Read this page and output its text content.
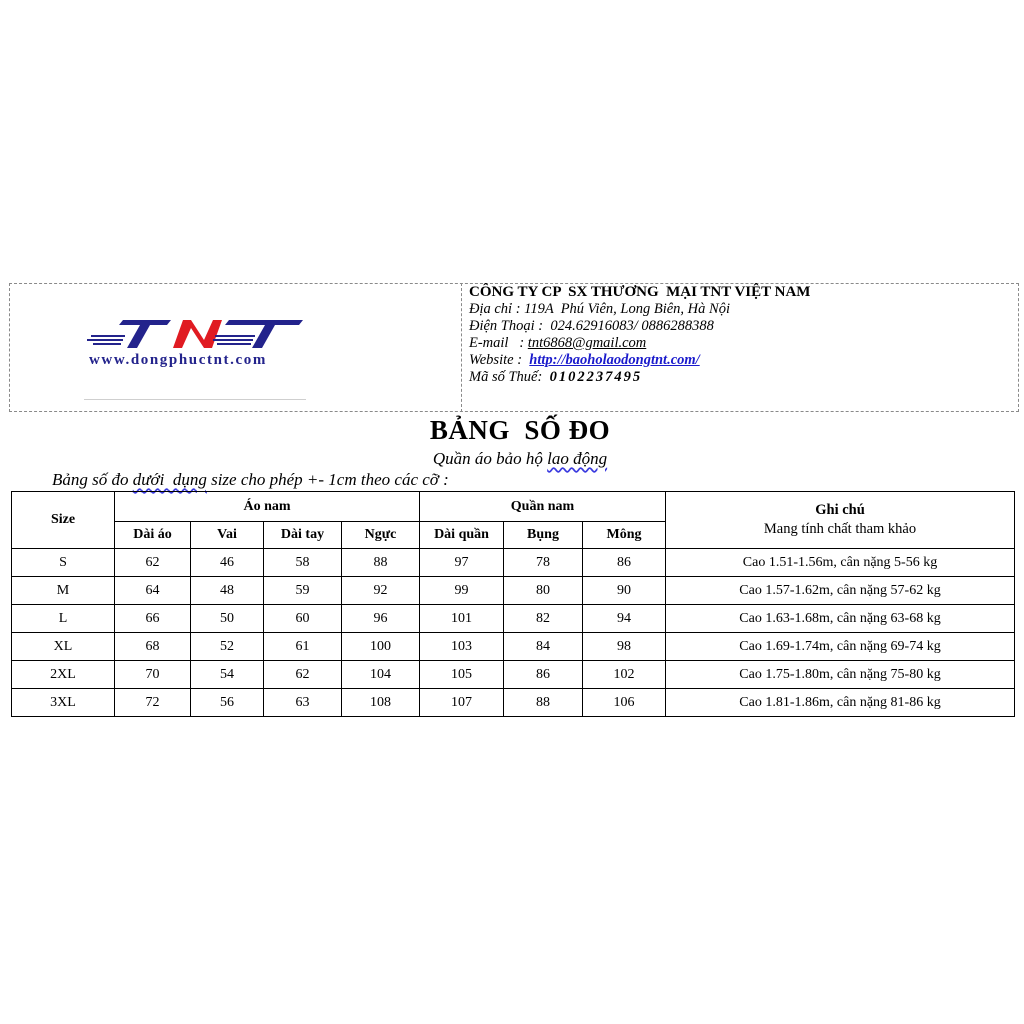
www.dongphuctnt.com
CÔNG TY CP  SX THƯƠNG  MẠI TNT VIỆT NAM
Địa chỉ : 119A  Phú Viên, Long Biên, Hà Nội
Điện Thoại :  024.62916083/ 0886288388
E-mail   : tnt6868@gmail.com
Website : http://baoholaodongtnt.com/
Mã số Thuế: 0102237495
BẢNG  SỐ ĐO
Quần áo bảo hộ lao động
Bảng số đo dưới  dụng size cho phép +- 1cm theo các cỡ :
Size	Áo nam				Quần nam			Ghi chú
Mang tính chất tham khảo

	Dài áo	Vai	Dài tay	Ngực	Dài quần	Bụng	Mông	
S	62	46	58	88	97	78	86	Cao 1.51-1.56m, cân nặng 5-56 kg
M	64	48	59	92	99	80	90	Cao 1.57-1.62m, cân nặng 57-62 kg
L	66	50	60	96	101	82	94	Cao 1.63-1.68m, cân nặng 63-68 kg
XL	68	52	61	100	103	84	98	Cao 1.69-1.74m, cân nặng 69-74 kg
2XL	70	54	62	104	105	86	102	Cao 1.75-1.80m, cân nặng 75-80 kg
3XL	72	56	63	108	107	88	106	Cao 1.81-1.86m, cân nặng 81-86 kg
